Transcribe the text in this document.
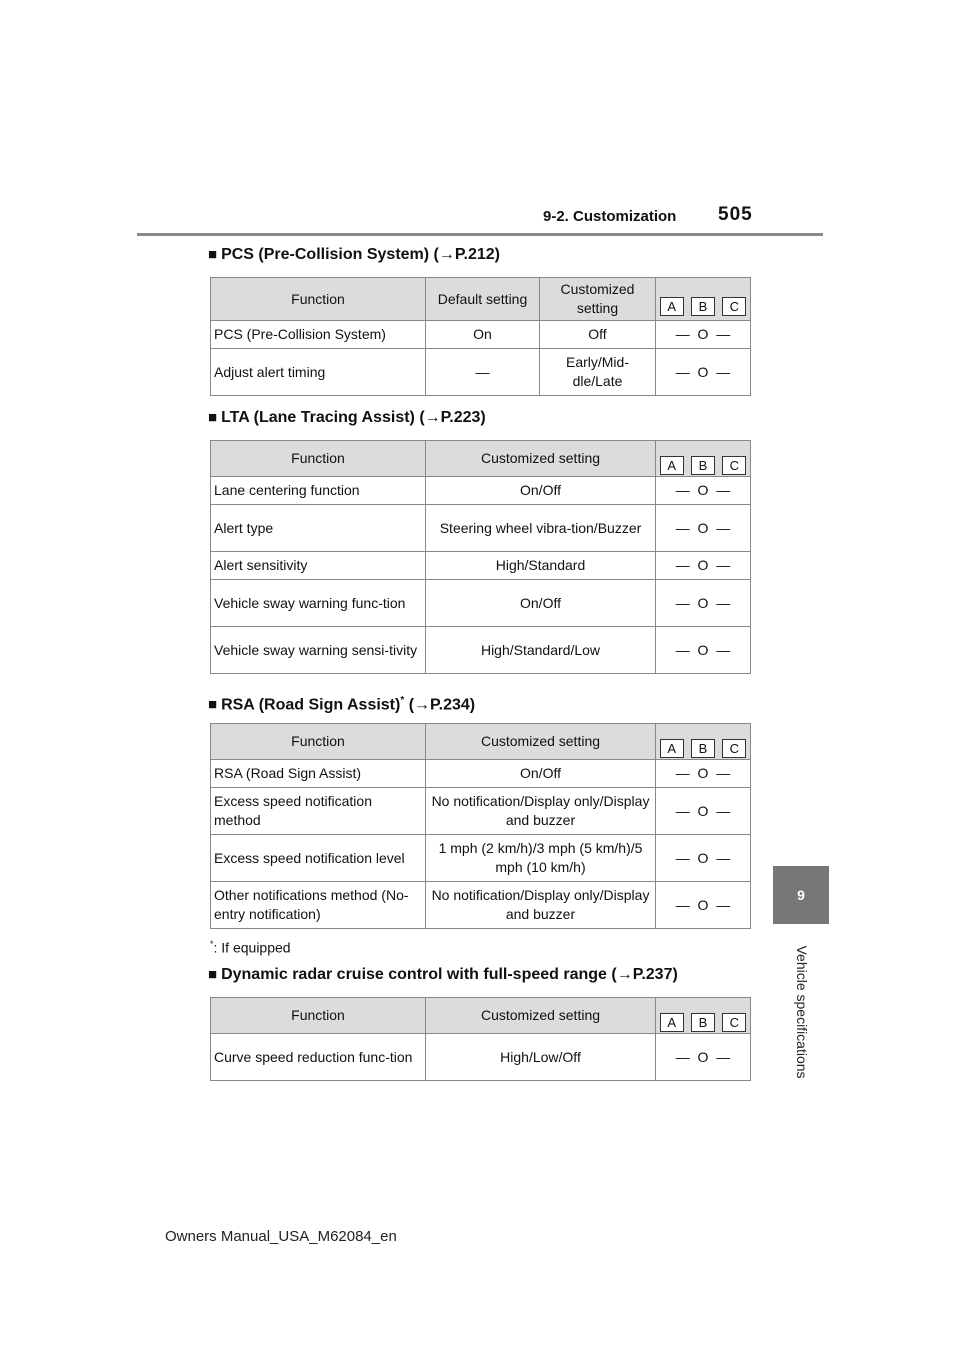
9-2. Customization 505
9
Vehicle specifications
■ PCS (Pre-Collision System) (→P.212)
Function	Default setting	Customized setting	A B C

PCS (Pre-Collision System)	On	Off	— O —
Adjust alert timing	—	Early/Mid-dle/Late	— O —
■ LTA (Lane Tracing Assist) (→P.223)
Function	Customized setting	A B C

Lane centering function	On/Off	— O —
Alert type	Steering wheel vibra-tion/Buzzer	— O —
Alert sensitivity	High/Standard	— O —
Vehicle sway warning func-tion	On/Off	— O —
Vehicle sway warning sensi-tivity	High/Standard/Low	— O —
■ RSA (Road Sign Assist)* (→P.234)
Function	Customized setting	A B C

RSA (Road Sign Assist)	On/Off	— O —
Excess speed notification method	No notification/Display only/Display and buzzer	— O —
Excess speed notification level	1 mph (2 km/h)/3 mph (5 km/h)/5 mph (10 km/h)	— O —
Other notifications method (No-entry notification)	No notification/Display only/Display and buzzer	— O —
*: If equipped
■ Dynamic radar cruise control with full-speed range (→P.237)
Function	Customized setting	A B C

Curve speed reduction func-tion	High/Low/Off	— O —
Owners Manual_USA_M62084_en
